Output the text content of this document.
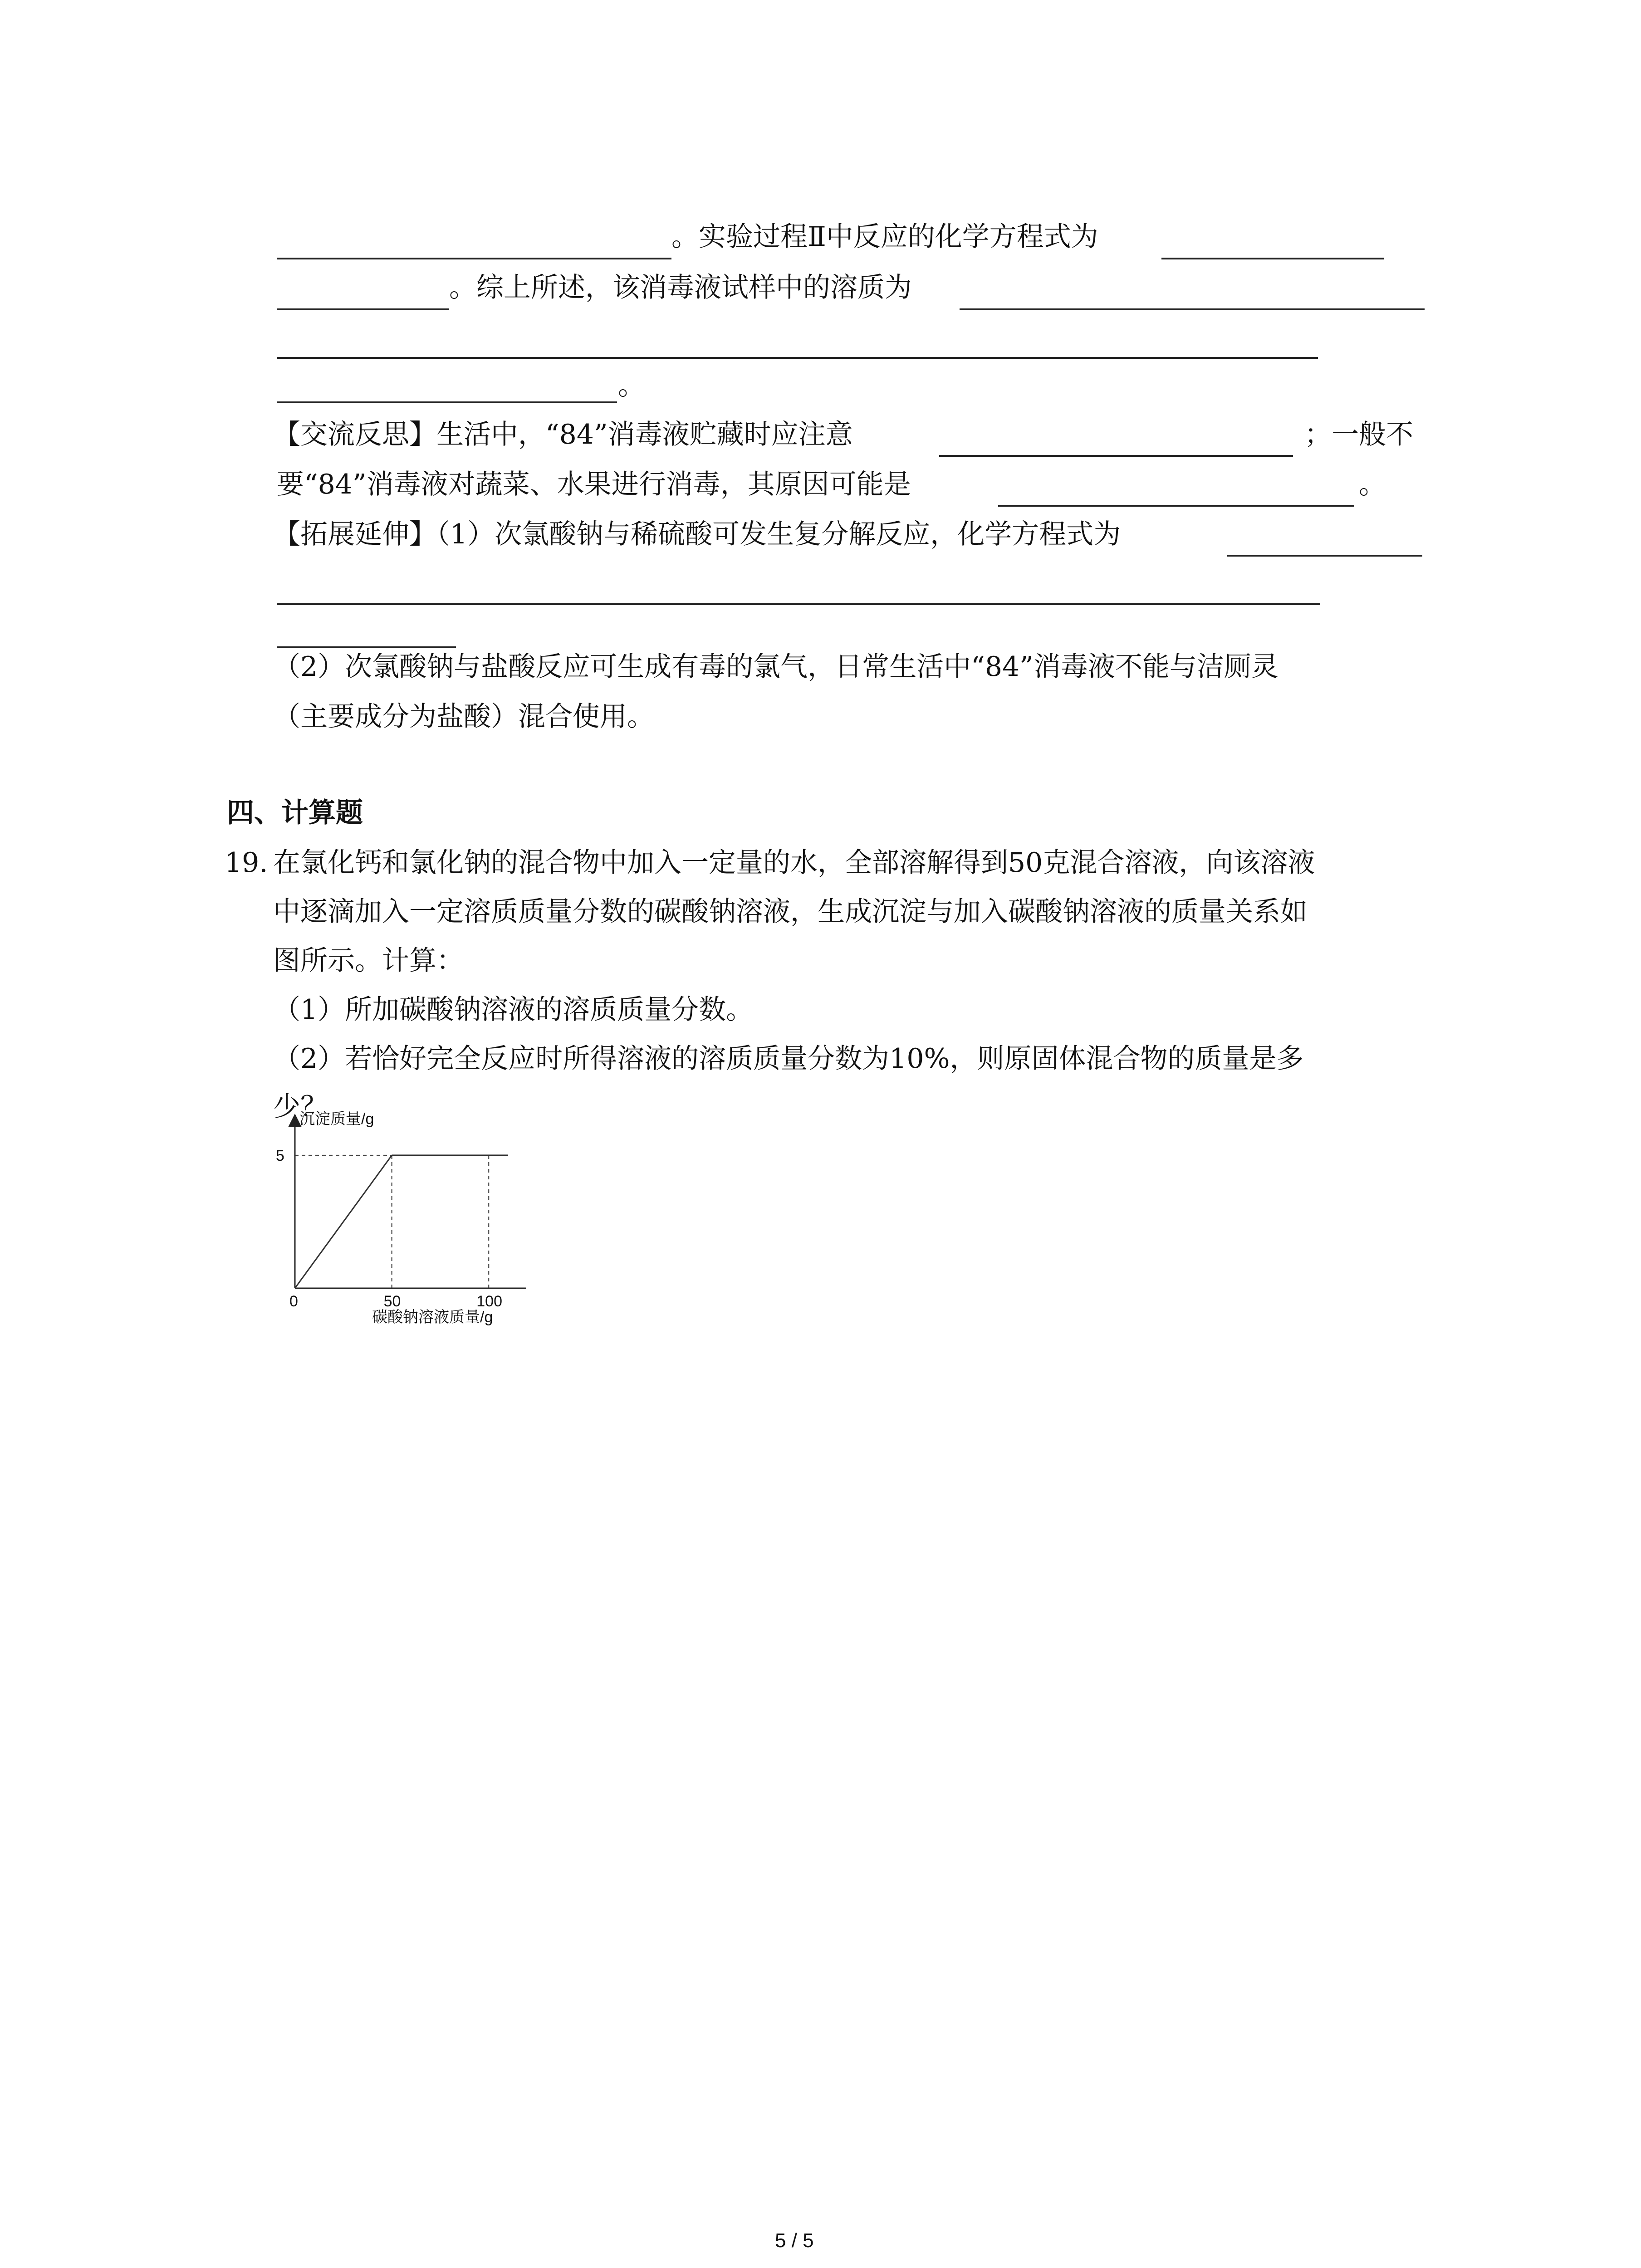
。实验过程Ⅱ中反应的化学方程式为
。综上所述，该消毒液试样中的溶质为
。
【交流反思】生活中，“84”消毒液贮藏时应注意	；一般不
要“84”消毒液对蔬菜、水果进行消毒，其原因可能是	。
【拓展延伸】（1）次氯酸钠与稀硫酸可发生复分解反应，化学方程式为
（2）次氯酸钠与盐酸反应可生成有毒的氯气，日常生活中“84”消毒液不能与洁厕灵
（主要成分为盐酸）混合使用。
四、计算题
19. 在氯化钙和氯化钠的混合物中加入一定量的水，全部溶解得到50克混合溶液，向该溶液
中逐滴加入一定溶质质量分数的碳酸钠溶液，生成沉淀与加入碳酸钠溶液的质量关系如
图所示。计算：
（1）所加碳酸钠溶液的溶质质量分数。
（2）若恰好完全反应时所得溶液的溶质质量分数为10%，则原固体混合物的质量是多
少？
沉淀质量/g
碳酸钠溶液质量/g
0
5
50	100
5 / 5
